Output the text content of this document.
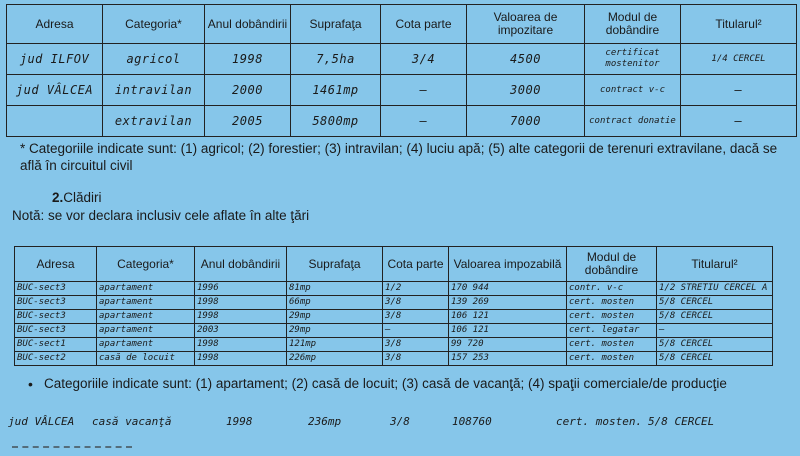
Adresa	Categoria*	Anul dobândirii	Suprafaţa	Cota parte	Valoarea de impozitare	Modul de dobândire	Titularul²
jud ILFOV	agricol	1998	7,5ha	3/4	4500	certificat mostenitor	1/4 CERCEL
jud VÂLCEA	intravilan	2000	1461mp	—	3000	contract v-c	—
	extravilan	2005	5800mp	—	7000	contract donatie	—
* Categoriile indicate sunt: (1) agricol; (2) forestier; (3) intravilan; (4) luciu apă; (5) alte categorii de terenuri extravilane, dacă se află în circuitul civil
2.Clădiri
Notă: se vor declara inclusiv cele aflate în alte ţări
Adresa	Categoria*	Anul dobândirii	Suprafaţa	Cota parte	Valoarea impozabilă	Modul de dobândire	Titularul²
BUC-sect3	apartament	1996	81mp	1/2	170 944	contr. v-c	1/2 STRETIU CERCEL A
BUC-sect3	apartament	1998	66mp	3/8	139 269	cert. mosten	5/8 CERCEL
BUC-sect3	apartament	1998	29mp	3/8	106 121	cert. mosten	5/8 CERCEL
BUC-sect3	apartament	2003	29mp	—	106 121	cert. legatar	—
BUC-sect1	apartament	1998	121mp	3/8	99 720	cert. mosten	5/8 CERCEL
BUC-sect2	casă de locuit	1998	226mp	3/8	157 253	cert. mosten	5/8 CERCEL
• Categoriile indicate sunt: (1) apartament; (2) casă de locuit; (3) casă de vacanţă; (4) spaţii comerciale/de producţie
jud VÂLCEA casă vacanţă	1998	236mp	3/8	108760	cert. mosten. 5/8 CERCEL
